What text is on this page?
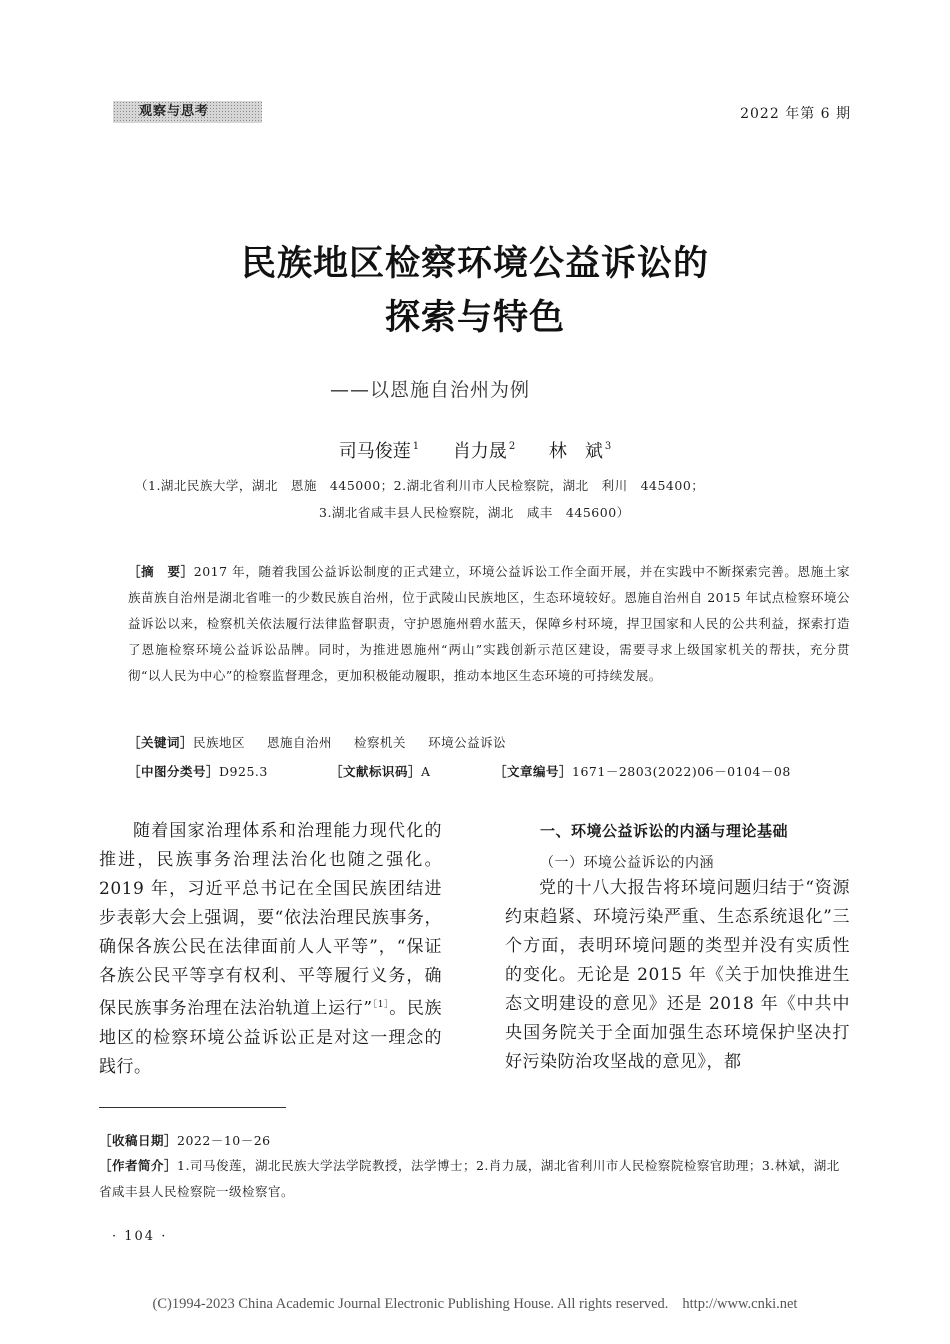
观察与思考	2022 年第 6 期
民族地区检察环境公益诉讼的
探索与特色
——以恩施自治州为例
司马俊莲 $^1$ 肖力晟 $^2$ 林　斌 $^3$
（1.湖北民族大学，湖北　恩施　445000；2.湖北省利川市人民检察院，湖北　利川　445400；
3.湖北省咸丰县人民检察院，湖北　咸丰　445600）
［摘　要］2017 年，随着我国公益诉讼制度的正式建立，环境公益诉讼工作全面开展，并在实践中不断探索完善。恩施土家族苗族自治州是湖北省唯一的少数民族自治州，位于武陵山民族地区，生态环境较好。恩施自治州自 2015 年试点检察环境公益诉讼以来，检察机关依法履行法律监督职责，守护恩施州碧水蓝天，保障乡村环境，捍卫国家和人民的公共利益，探索打造了恩施检察环境公益诉讼品牌。同时，为推进恩施州“两山”实践创新示范区建设，需要寻求上级国家机关的帮扶，充分贯彻“以人民为中心”的检察监督理念，更加积极能动履职，推动本地区生态环境的可持续发展。
［关键词］民族地区 恩施自治州 检察机关 环境公益诉讼
［中图分类号］D925.3	［文献标识码］A	［文章编号］1671－2803(2022)06－0104－08

随着国家治理体系和治理能力现代化的推进，民族事务治理法治化也随之强化。2019 年，习近平总书记在全国民族团结进步表彰大会上强调，要“依法治理民族事务，确保各族公民在法律面前人人平等”，“保证各族公民平等享有权利、平等履行义务，确保民族事务治理在法治轨道上运行”$^{[1]}$。民族地区的检察环境公益诉讼正是对这一理念的践行。

一、环境公益诉讼的内涵与理论基础
（一）环境公益诉讼的内涵

党的十八大报告将环境问题归结于“资源约束趋紧、环境污染严重、生态系统退化”三个方面，表明环境问题的类型并没有实质性的变化。无论是 2015 年《关于加快推进生态文明建设的意见》还是 2018 年《中共中央国务院关于全面加强生态环境保护坚决打好污染防治攻坚战的意见》，都

［收稿日期］2022－10－26
［作者简介］1.司马俊莲，湖北民族大学法学院教授，法学博士；2.肖力晟，湖北省利川市人民检察院检察官助理；3.林斌，湖北省咸丰县人民检察院一级检察官。
· 104 ·
(C)1994-2023 China Academic Journal Electronic Publishing House. All rights reserved. http://www.cnki.net
